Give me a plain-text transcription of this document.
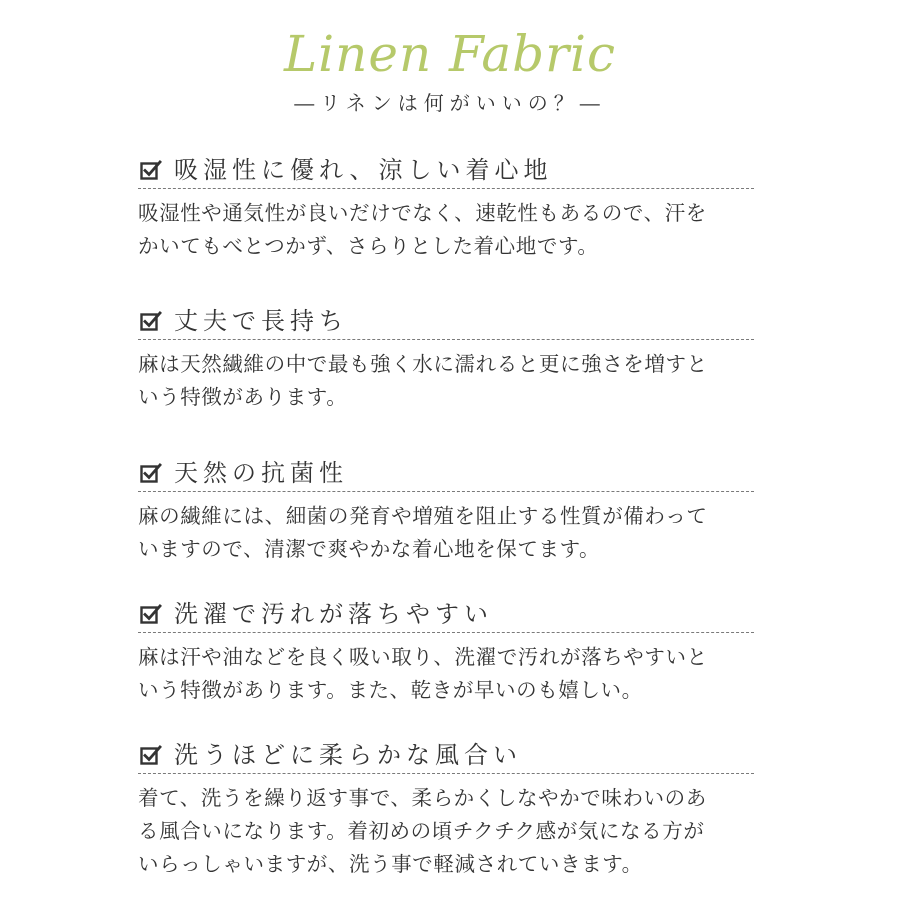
Linen Fabric
―リネンは何がいいの？―
吸湿性に優れ、涼しい着心地
吸湿性や通気性が良いだけでなく、速乾性もあるので、汗を
かいてもべとつかず、さらりとした着心地です。
丈夫で長持ち
麻は天然繊維の中で最も強く水に濡れると更に強さを増すと
いう特徴があります。
天然の抗菌性
麻の繊維には、細菌の発育や増殖を阻止する性質が備わって
いますので、清潔で爽やかな着心地を保てます。
洗濯で汚れが落ちやすい
麻は汗や油などを良く吸い取り、洗濯で汚れが落ちやすいと
いう特徴があります。また、乾きが早いのも嬉しい。
洗うほどに柔らかな風合い
着て、洗うを繰り返す事で、柔らかくしなやかで味わいのあ
る風合いになります。着初めの頃チクチク感が気になる方が
いらっしゃいますが、洗う事で軽減されていきます。
